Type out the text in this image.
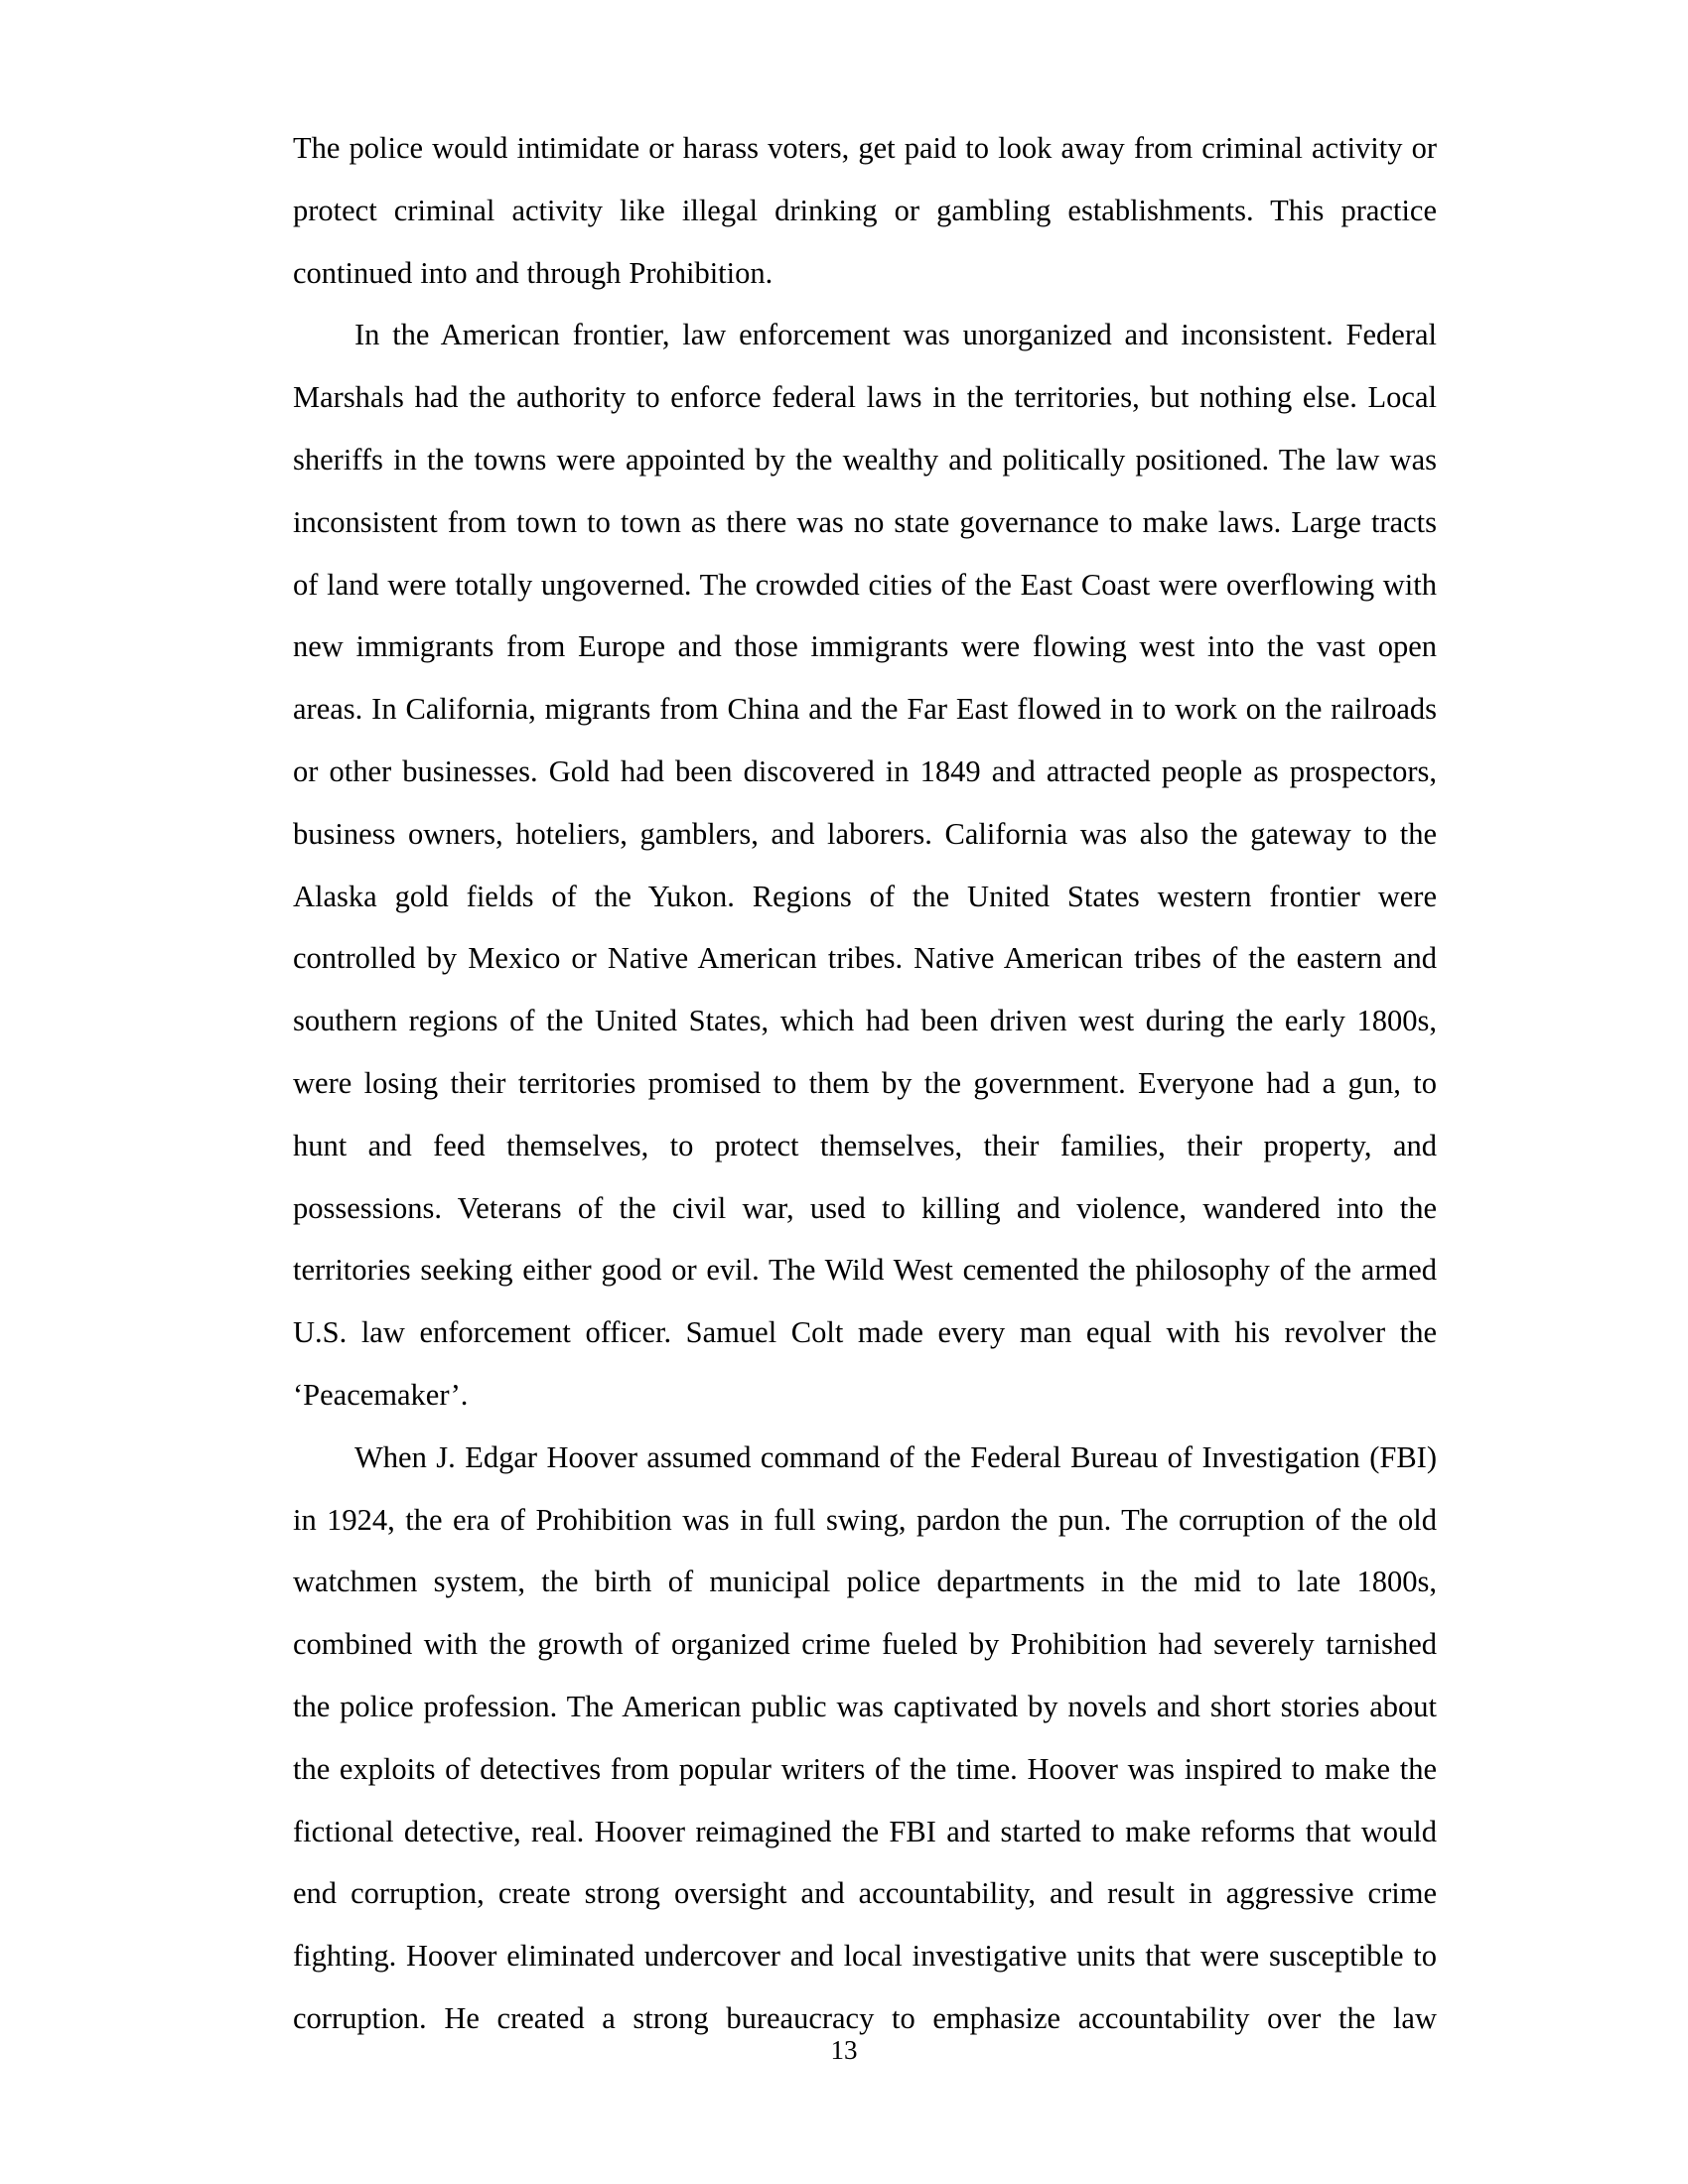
The police would intimidate or harass voters, get paid to look away from criminal activity or protect criminal activity like illegal drinking or gambling establishments. This practice continued into and through Prohibition.

In the American frontier, law enforcement was unorganized and inconsistent. Federal Marshals had the authority to enforce federal laws in the territories, but nothing else. Local sheriffs in the towns were appointed by the wealthy and politically positioned. The law was inconsistent from town to town as there was no state governance to make laws. Large tracts of land were totally ungoverned. The crowded cities of the East Coast were overflowing with new immigrants from Europe and those immigrants were flowing west into the vast open areas. In California, migrants from China and the Far East flowed in to work on the railroads or other businesses. Gold had been discovered in 1849 and attracted people as prospectors, business owners, hoteliers, gamblers, and laborers. California was also the gateway to the Alaska gold fields of the Yukon. Regions of the United States western frontier were controlled by Mexico or Native American tribes. Native American tribes of the eastern and southern regions of the United States, which had been driven west during the early 1800s, were losing their territories promised to them by the government. Everyone had a gun, to hunt and feed themselves, to protect themselves, their families, their property, and possessions. Veterans of the civil war, used to killing and violence, wandered into the territories seeking either good or evil. The Wild West cemented the philosophy of the armed U.S. law enforcement officer. Samuel Colt made every man equal with his revolver the ‘Peacemaker’.

When J. Edgar Hoover assumed command of the Federal Bureau of Investigation (FBI) in 1924, the era of Prohibition was in full swing, pardon the pun. The corruption of the old watchmen system, the birth of municipal police departments in the mid to late 1800s, combined with the growth of organized crime fueled by Prohibition had severely tarnished the police profession. The American public was captivated by novels and short stories about the exploits of detectives from popular writers of the time. Hoover was inspired to make the fictional detective, real. Hoover reimagined the FBI and started to make reforms that would end corruption, create strong oversight and accountability, and result in aggressive crime fighting. Hoover eliminated undercover and local investigative units that were susceptible to corruption. He created a strong bureaucracy to emphasize accountability over the law

13
